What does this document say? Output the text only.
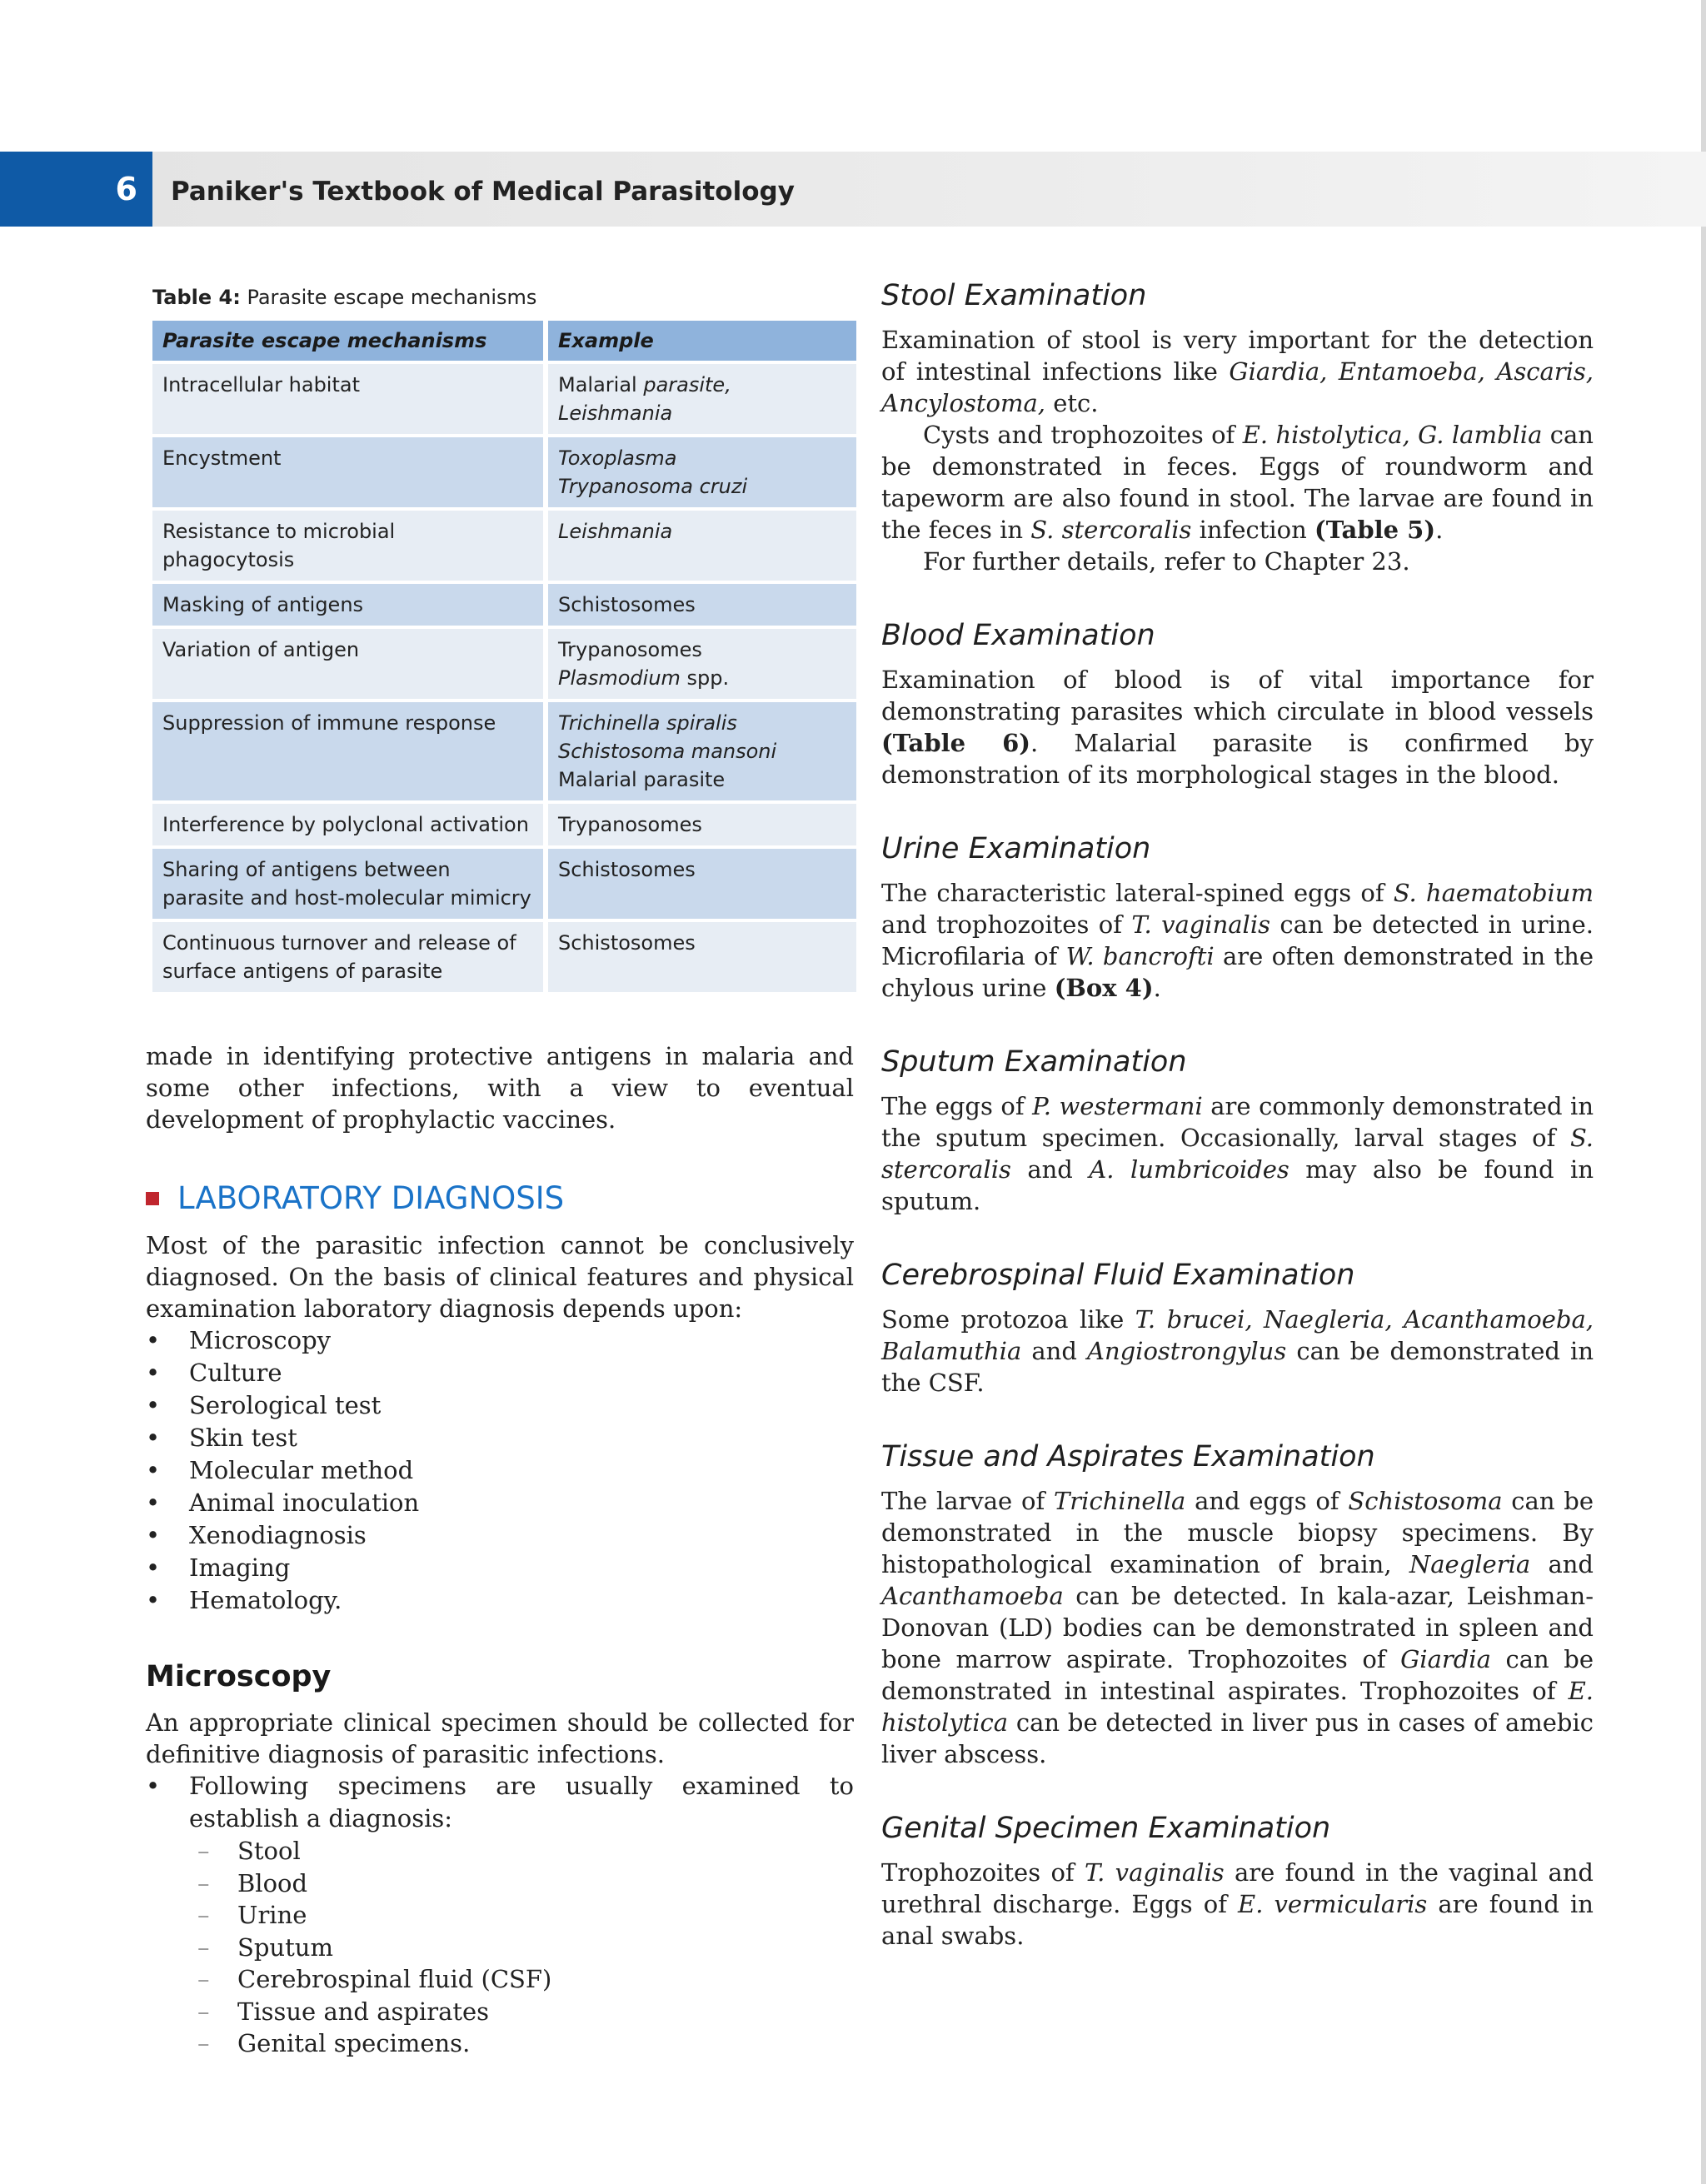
6	Paniker's Textbook of Medical Parasitology
Table 4: Parasite escape mechanisms
Parasite escape mechanisms	Example
Intracellular habitat	Malarial parasite, Leishmania
Encystment	Toxoplasma
Trypanosoma cruzi

Resistance to microbial phagocytosis	Leishmania
Masking of antigens	Schistosomes
Variation of antigen	Trypanosomes
Plasmodium spp.

Suppression of immune response	Trichinella spiralis
Schistosoma mansoni
Malarial parasite

Interference by polyclonal activation	Trypanosomes
Sharing of antigens between parasite and host-molecular mimicry	Schistosomes
Continuous turnover and release of surface antigens of parasite	Schistosomes

made in identifying protective antigens in malaria and some other infections, with a view to eventual development of prophylactic vaccines.

LABORATORY DIAGNOSIS

Most of the parasitic infection cannot be conclusively diagnosed. On the basis of clinical features and physical examination laboratory diagnosis depends upon:

• Microscopy
• Culture
• Serological test
• Skin test
• Molecular method
• Animal inoculation
• Xenodiagnosis
• Imaging
• Hematology.
Microscopy

An appropriate clinical specimen should be collected for definitive diagnosis of parasitic infections.

• Following specimens are usually examined to establish a diagnosis:
– Stool
– Blood
– Urine
– Sputum
– Cerebrospinal fluid (CSF)
– Tissue and aspirates
– Genital specimens.
Stool Examination

Examination of stool is very important for the detection of intestinal infections like Giardia, Entamoeba, Ascaris, Ancylostoma, etc.

Cysts and trophozoites of E. histolytica, G. lamblia can be demonstrated in feces. Eggs of roundworm and tapeworm are also found in stool. The larvae are found in the feces in S. stercoralis infection (Table 5).

For further details, refer to Chapter 23.

Blood Examination

Examination of blood is of vital importance for demonstrating parasites which circulate in blood vessels (Table 6). Malarial parasite is confirmed by demonstration of its morphological stages in the blood.

Urine Examination

The characteristic lateral-spined eggs of S. haematobium and trophozoites of T. vaginalis can be detected in urine. Microfilaria of W. bancrofti are often demonstrated in the chylous urine (Box 4).

Sputum Examination

The eggs of P. westermani are commonly demonstrated in the sputum specimen. Occasionally, larval stages of S. stercoralis and A. lumbricoides may also be found in sputum.

Cerebrospinal Fluid Examination

Some protozoa like T. brucei, Naegleria, Acanthamoeba, Balamuthia and Angiostrongylus can be demonstrated in the CSF.

Tissue and Aspirates Examination

The larvae of Trichinella and eggs of Schistosoma can be demonstrated in the muscle biopsy specimens. By histopathological examination of brain, Naegleria and Acanthamoeba can be detected. In kala-azar, Leishman-Donovan (LD) bodies can be demonstrated in spleen and bone marrow aspirate. Trophozoites of Giardia can be demonstrated in intestinal aspirates. Trophozoites of E. histolytica can be detected in liver pus in cases of amebic liver abscess.

Genital Specimen Examination

Trophozoites of T. vaginalis are found in the vaginal and urethral discharge. Eggs of E. vermicularis are found in anal swabs.
